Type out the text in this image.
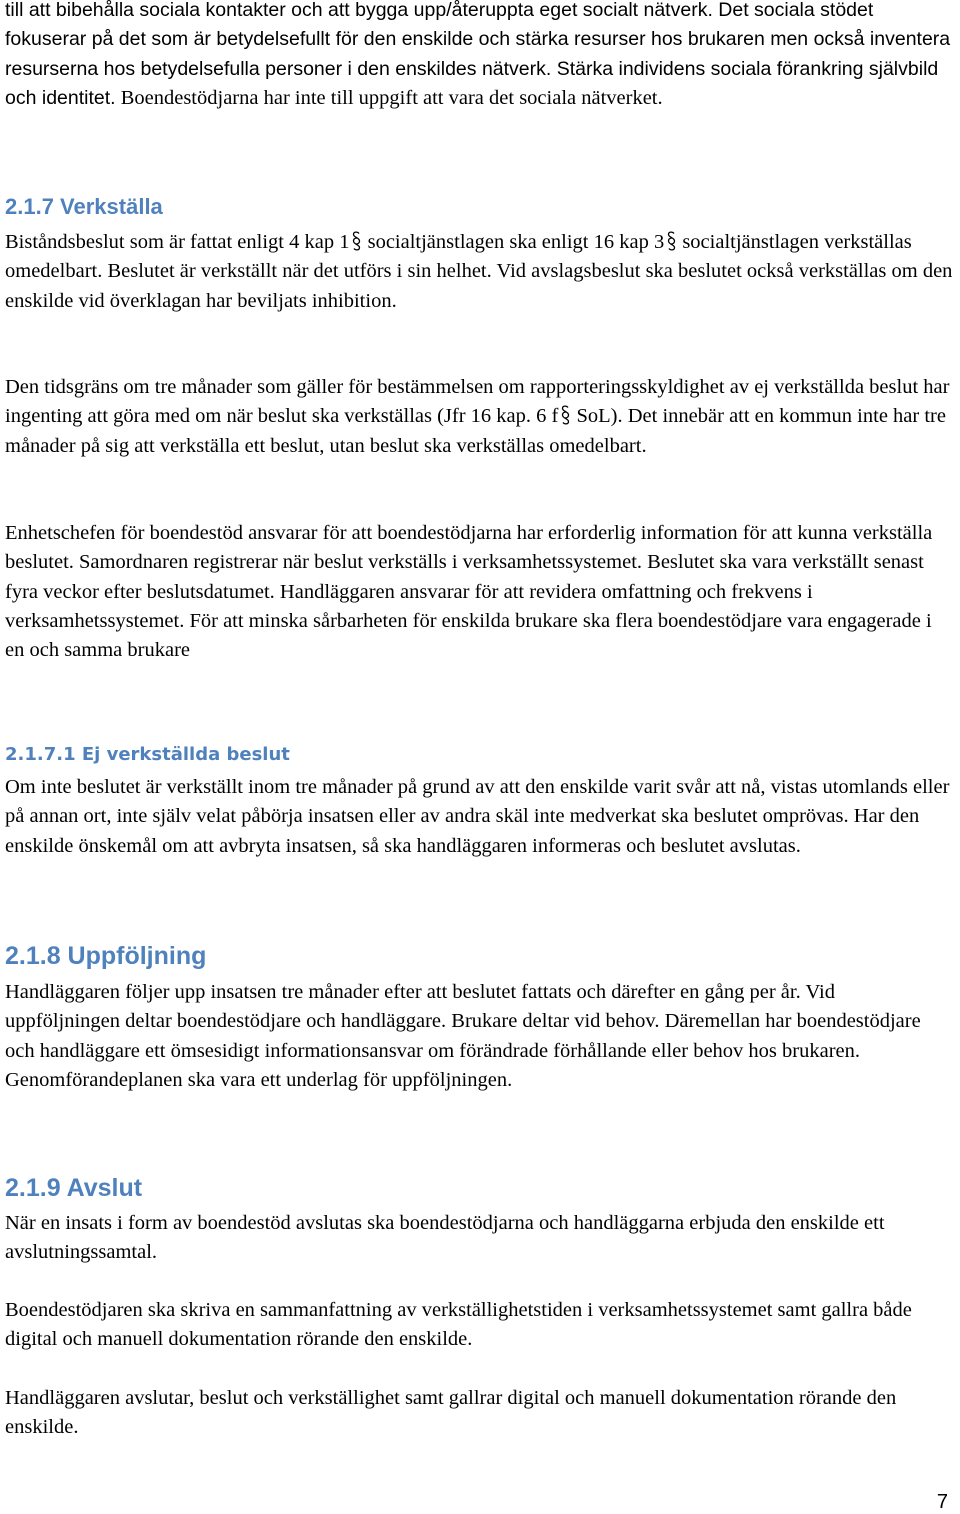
till att bibehålla sociala kontakter och att bygga upp/återuppta eget socialt nätverk. Det sociala stödet fokuserar på det som är betydelsefullt för den enskilde och stärka resurser hos brukaren men också inventera resurserna hos betydelsefulla personer i den enskildes nätverk. Stärka individens sociala förankring självbild och identitet. Boendestödjarna har inte till uppgift att vara det sociala nätverket.

2.1.7 Verkställa

Biståndsbeslut som är fattat enligt 4 kap 1 socialtjänstlagen ska enligt 16 kap 3 socialtjänstlagen verkställas omedelbart. Beslutet är verkställt när det utförs i sin helhet. Vid avslagsbeslut ska beslutet också verkställas om den enskilde vid överklagan har beviljats inhibition.

Den tidsgräns om tre månader som gäller för bestämmelsen om rapporteringsskyldighet av ej verkställda beslut har ingenting att göra med om när beslut ska verkställas (Jfr 16 kap. 6 f SoL). Det innebär att en kommun inte har tre månader på sig att verkställa ett beslut, utan beslut ska verkställas omedelbart.

Enhetschefen för boendestöd ansvarar för att boendestödjarna har erforderlig information för att kunna verkställa beslutet. Samordnaren registrerar när beslut verkställs i verksamhetssystemet. Beslutet ska vara verkställt senast fyra veckor efter beslutsdatumet. Handläggaren ansvarar för att revidera omfattning och frekvens i verksamhetssystemet. För att minska sårbarheten för enskilda brukare ska flera boendestödjare vara engagerade i en och samma brukare

2.1.7.1 Ej verkställda beslut

Om inte beslutet är verkställt inom tre månader på grund av att den enskilde varit svår att nå, vistas utomlands eller på annan ort, inte själv velat påbörja insatsen eller av andra skäl inte medverkat ska beslutet omprövas. Har den enskilde önskemål om att avbryta insatsen, så ska handläggaren informeras och beslutet avslutas.

2.1.8 Uppföljning

Handläggaren följer upp insatsen tre månader efter att beslutet fattats och därefter en gång per år. Vid uppföljningen deltar boendestödjare och handläggare. Brukare deltar vid behov. Däremellan har boendestödjare och handläggare ett ömsesidigt informationsansvar om förändrade förhållande eller behov hos brukaren. Genomförandeplanen ska vara ett underlag för uppföljningen.

2.1.9 Avslut

När en insats i form av boendestöd avslutas ska boendestödjarna och handläggarna erbjuda den enskilde ett avslutningssamtal.

Boendestödjaren ska skriva en sammanfattning av verkställighetstiden i verksamhetssystemet samt gallra både digital och manuell dokumentation rörande den enskilde.

Handläggaren avslutar, beslut och verkställighet samt gallrar digital och manuell dokumentation rörande den enskilde.

7
